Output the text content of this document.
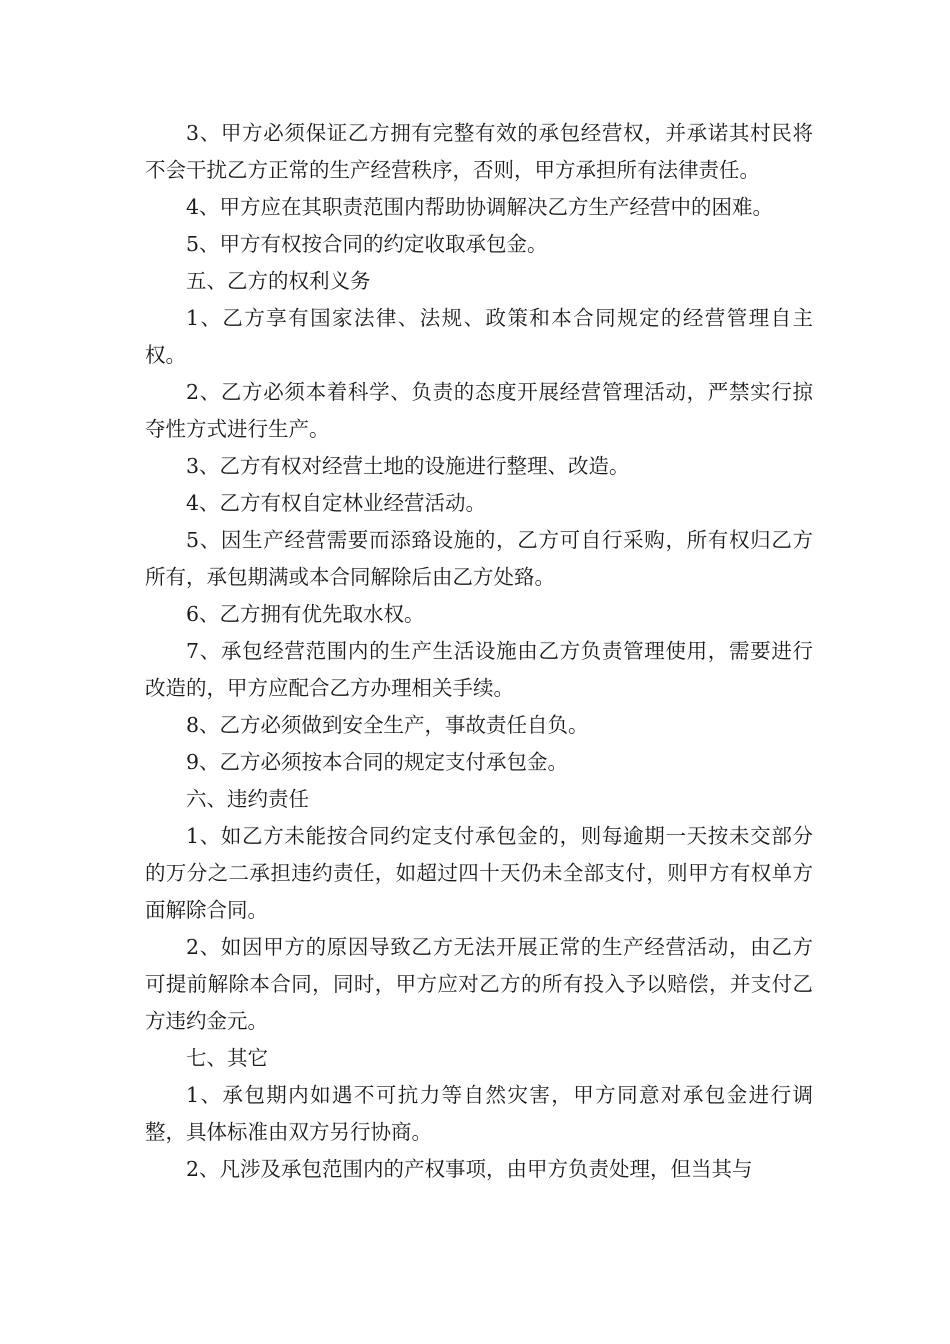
3、甲方必须保证乙方拥有完整有效的承包经营权，并承诺其村民将不会干扰乙方正常的生产经营秩序，否则，甲方承担所有法律责任。

4、甲方应在其职责范围内帮助协调解决乙方生产经营中的困难。

5、甲方有权按合同的约定收取承包金。

五、乙方的权利义务

1、乙方享有国家法律、法规、政策和本合同规定的经营管理自主权。

2、乙方必须本着科学、负责的态度开展经营管理活动，严禁实行掠夺性方式进行生产。

3、乙方有权对经营土地的设施进行整理、改造。

4、乙方有权自定林业经营活动。

5、因生产经营需要而添臵设施的，乙方可自行采购，所有权归乙方所有，承包期满或本合同解除后由乙方处臵。

6、乙方拥有优先取水权。

7、承包经营范围内的生产生活设施由乙方负责管理使用，需要进行改造的，甲方应配合乙方办理相关手续。

8、乙方必须做到安全生产，事故责任自负。

9、乙方必须按本合同的规定支付承包金。

六、违约责任

1、如乙方未能按合同约定支付承包金的，则每逾期一天按未交部分的万分之二承担违约责任，如超过四十天仍未全部支付，则甲方有权单方面解除合同。

2、如因甲方的原因导致乙方无法开展正常的生产经营活动，由乙方可提前解除本合同，同时，甲方应对乙方的所有投入予以赔偿，并支付乙方违约金元。

七、其它

1、承包期内如遇不可抗力等自然灾害，甲方同意对承包金进行调整，具体标准由双方另行协商。

2、凡涉及承包范围内的产权事项，由甲方负责处理，但当其与
